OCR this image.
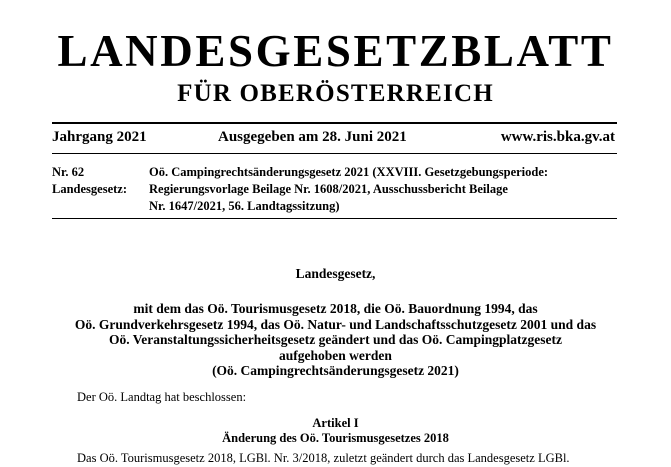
LANDESGESETZBLATT
FÜR OBERÖSTERREICH
Jahrgang 2021	Ausgegeben am 28. Juni 2021	www.ris.bka.gv.at
Nr. 62
Landesgesetz:
Oö. Campingrechtsänderungsgesetz 2021 (XXVIII. Gesetzgebungsperiode:
Regierungsvorlage Beilage Nr. 1608/2021, Ausschussbericht Beilage
Nr. 1647/2021, 56. Landtagssitzung)
Landesgesetz,
mit dem das Oö. Tourismusgesetz 2018, die Oö. Bauordnung 1994, das
Oö. Grundverkehrsgesetz 1994, das Oö. Natur- und Landschaftsschutzgesetz 2001 und das
Oö. Veranstaltungssicherheitsgesetz geändert und das Oö. Campingplatzgesetz
aufgehoben werden
(Oö. Campingrechtsänderungsgesetz 2021)
Der Oö. Landtag hat beschlossen:
Artikel I
Änderung des Oö. Tourismusgesetzes 2018
Das Oö. Tourismusgesetz 2018, LGBl. Nr. 3/2018, zuletzt geändert durch das Landesgesetz LGBl.
